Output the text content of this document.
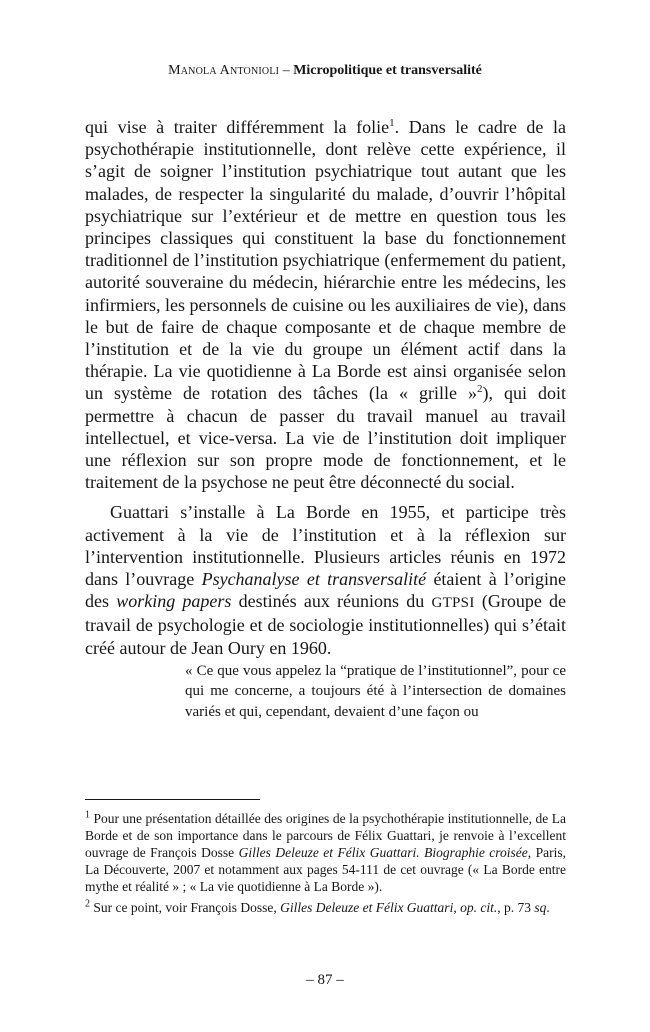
Manola Antonioli – Micropolitique et transversalité

qui vise à traiter différemment la folie$^1$. Dans le cadre de la psychothérapie institutionnelle, dont relève cette expérience, il s’agit de soigner l’institution psychiatrique tout autant que les malades, de respecter la singularité du malade, d’ouvrir l’hôpital psychiatrique sur l’extérieur et de mettre en question tous les principes classiques qui constituent la base du fonctionnement traditionnel de l’institution psychiatrique (enfermement du patient, autorité souveraine du médecin, hiérarchie entre les médecins, les infirmiers, les personnels de cuisine ou les auxiliaires de vie), dans le but de faire de chaque composante et de chaque membre de l’institution et de la vie du groupe un élément actif dans la thérapie. La vie quotidienne à La Borde est ainsi organisée selon un système de rotation des tâches (la « grille »$^2$), qui doit permettre à chacun de passer du travail manuel au travail intellectuel, et vice-versa. La vie de l’institution doit impliquer une réflexion sur son propre mode de fonctionnement, et le traitement de la psychose ne peut être déconnecté du social.

Guattari s’installe à La Borde en 1955, et participe très activement à la vie de l’institution et à la réflexion sur l’intervention institutionnelle. Plusieurs articles réunis en 1972 dans l’ouvrage Psychanalyse et transversalité étaient à l’origine des working papers destinés aux réunions du GTPSI (Groupe de travail de psychologie et de sociologie institutionnelles) qui s’était créé autour de Jean Oury en 1960.

« Ce que vous appelez la “pratique de l’institutionnel”, pour ce qui me concerne, a toujours été à l’intersection de domaines variés et qui, cependant, devaient d’une façon ou

$^1$ Pour une présentation détaillée des origines de la psychothérapie institutionnelle, de La Borde et de son importance dans le parcours de Félix Guattari, je renvoie à l’excellent ouvrage de François Dosse Gilles Deleuze et Félix Guattari. Biographie croisée, Paris, La Découverte, 2007 et notamment aux pages 54-111 de cet ouvrage (« La Borde entre mythe et réalité » ; « La vie quotidienne à La Borde »).

$^2$ Sur ce point, voir François Dosse, Gilles Deleuze et Félix Guattari, op. cit., p. 73 sq.

– 87 –
